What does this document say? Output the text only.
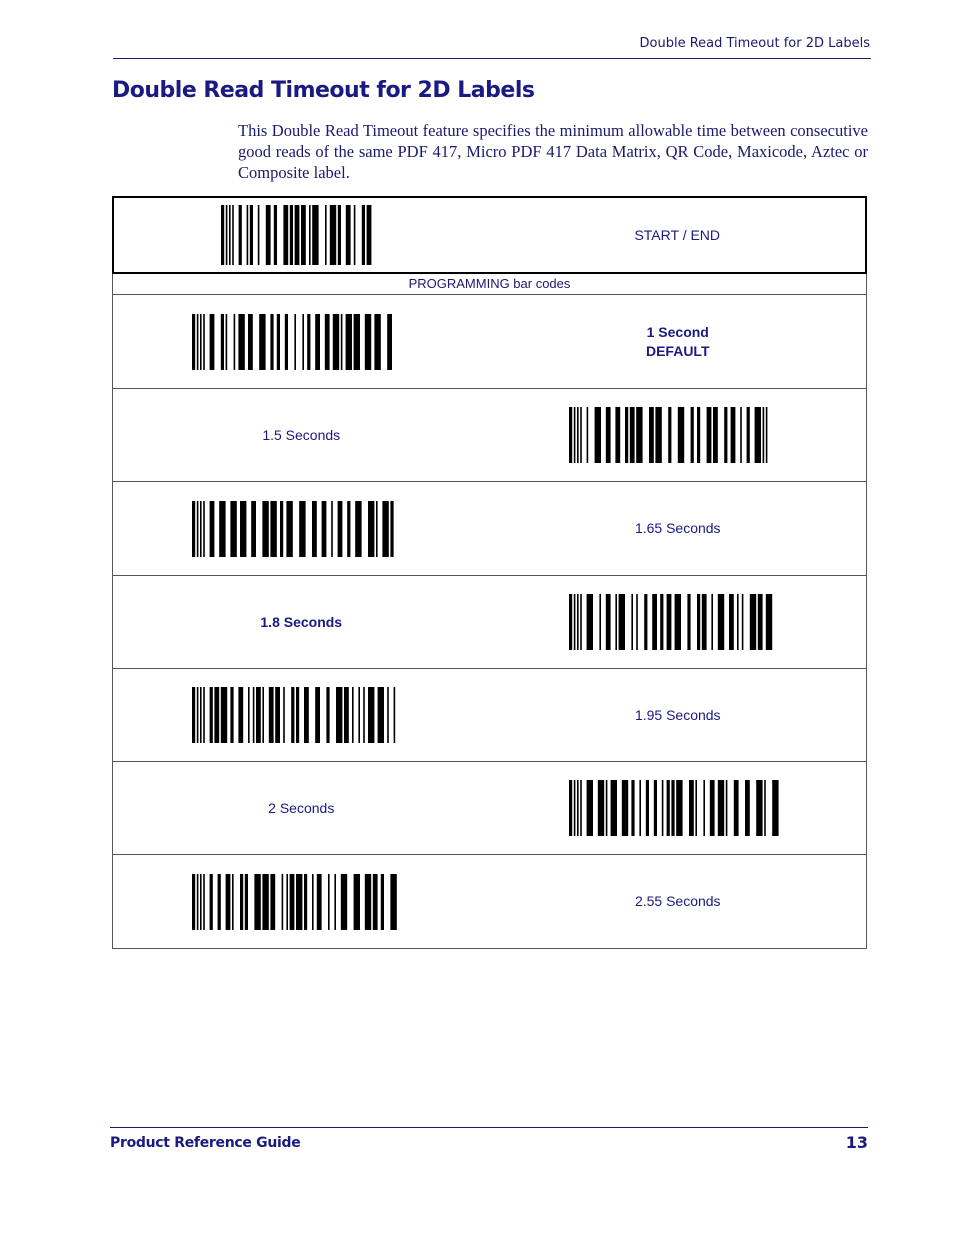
Double Read Timeout for 2D Labels
Double Read Timeout for 2D Labels

This Double Read Timeout feature specifies the minimum allowable time between consecutive good reads of the same PDF 417, Micro PDF 417 Data Matrix, QR Code, Maxicode, Aztec or Composite label.

START / END
PROGRAMMING bar codes
1 Second
DEFAULT
1.5 Seconds
1.65 Seconds
1.8 Seconds
1.95 Seconds
2 Seconds
2.55 Seconds
Product Reference Guide	13
